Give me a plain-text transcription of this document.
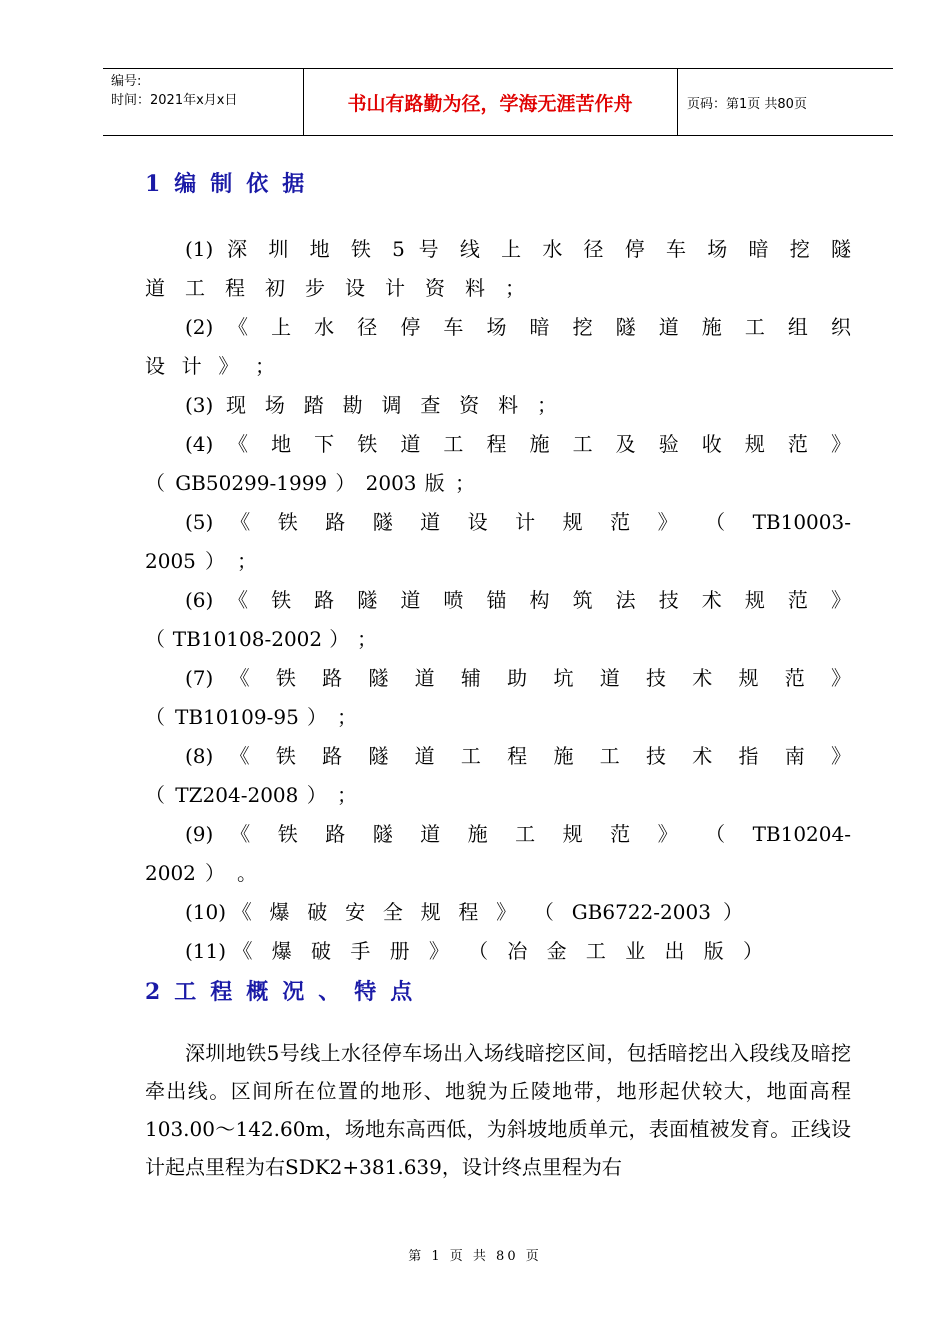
编号:
时间：2021年x月x日	书山有路勤为径，学海无涯苦作舟	页码：第1页 共80页
1编制依据
(1) 深 圳 地 铁 5 号 线 上 水 径 停 车 场 暗 挖 隧
道 工 程 初 步 设 计 资 料 ；
(2) 《 上 水 径 停 车 场 暗 挖 隧 道 施 工 组 织
设 计 》 ；
(3) 现 场 踏 勘 调 查 资 料 ；
(4) 《 地 下 铁 道 工 程 施 工 及 验 收 规 范 》
（ GB50299-1999 ） 2003 版 ；
(5) 《 铁 路 隧 道 设 计 规 范 》 （ TB10003-
2005 ） ；
(6) 《 铁 路 隧 道 喷 锚 构 筑 法 技 术 规 范 》
（ TB10108-2002 ） ；
(7) 《 铁 路 隧 道 辅 助 坑 道 技 术 规 范 》
（ TB10109-95 ） ；
(8) 《 铁 路 隧 道 工 程 施 工 技 术 指 南 》
（ TZ204-2008 ） ；
(9) 《 铁 路 隧 道 施 工 规 范 》 （ TB10204-
2002 ） 。
(10)《 爆 破 安 全 规 程 》 （ GB6722-2003 ）
(11)《 爆 破 手 册 》 （ 冶 金 工 业 出 版 ）
2工程概况、特点
深圳地铁5号线上水径停车场出入场线暗挖区间，包括暗挖出入段线及暗挖牵出线。区间所在位置的地形、地貌为丘陵地带，地形起伏较大，地面高程103.00～142.60m，场地东高西低，为斜坡地质单元，表面植被发育。正线设计起点里程为右SDK2+381.639，设计终点里程为右
第 1 页 共 80 页
